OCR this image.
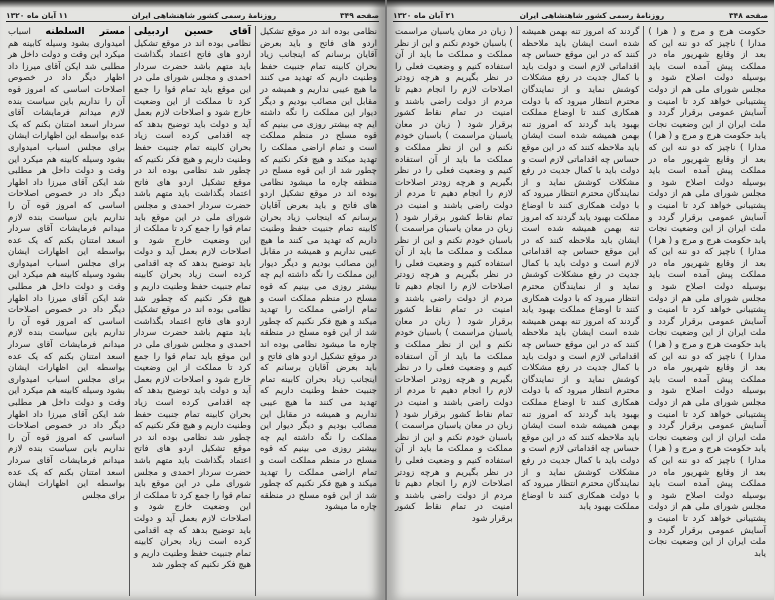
صفحه ۳۴۹
روزنامهٔ رسمی کشور شاهنشاهی ایران
۱۱ آبان ماه ۱۳۲۰

نظامی بوده اند در موقع تشکیل اردو های فاتح و باید بعرض آقایان برسانم که اینجانب زیاد بحران کابینه تمام جنبیت حفظ وطنیت داریم که تهدید می کنند ما هیچ عیبی نداریم و همیشه در مقابل این مصائب بودیم و دیگر دیوار این مملکت را نگه داشته ایم چه بیشتر روزی می بینیم که قوه مسلح در منظم مملکت است و تمام اراضی مملکت را تهدید میکند و هیچ فکر نکنیم که چطور شد از این قوه مسلح در منظقه چاره ما میشود نظامی بوده اند در موقع تشکیل اردو های فاتح و باید بعرض آقایان برسانم که اینجانب زیاد بحران کابینه تمام جنبیت حفظ وطنیت داریم که تهدید می کنند ما هیچ عیبی نداریم و همیشه در مقابل این مصائب بودیم و دیگر دیوار این مملکت را نگه داشته ایم چه بیشتر روزی می بینیم که قوه مسلح در منظم مملکت است و تمام اراضی مملکت را تهدید میکند و هیچ فکر نکنیم که چطور شد از این قوه مسلح در منظقه چاره ما میشود نظامی بوده اند در موقع تشکیل اردو های فاتح و باید بعرض آقایان برسانم که اینجانب زیاد بحران کابینه تمام جنبیت حفظ وطنیت داریم که تهدید می کنند ما هیچ عیبی نداریم و همیشه در مقابل این مصائب بودیم و دیگر دیوار این مملکت را نگه داشته ایم چه بیشتر روزی می بینیم که قوه مسلح در منظم مملکت است و تمام اراضی مملکت را تهدید میکند و هیچ فکر نکنیم که چطور شد از این قوه مسلح در منظقه چاره ما میشود

آقای حسین اردبیلی

نظامی بوده اند در موقع تشکیل اردو های فاتح اعتماد بگذاشت باید متهم باشد حضرت سردار احمدی و مجلس شورای ملی در این موقع باید تمام قوا را جمع کرد تا مملکت از این وضعیت خارج شود و اصلاحات لازم بعمل آید و دولت باید توضیح بدهد که چه اقدامی کرده است زیاد بحران کابینه تمام جنبیت حفظ وطنیت داریم و هیچ فکر نکنیم که چطور شد نظامی بوده اند در موقع تشکیل اردو های فاتح اعتماد بگذاشت باید متهم باشد حضرت سردار احمدی و مجلس شورای ملی در این موقع باید تمام قوا را جمع کرد تا مملکت از این وضعیت خارج شود و اصلاحات لازم بعمل آید و دولت باید توضیح بدهد که چه اقدامی کرده است زیاد بحران کابینه تمام جنبیت حفظ وطنیت داریم و هیچ فکر نکنیم که چطور شد نظامی بوده اند در موقع تشکیل اردو های فاتح اعتماد بگذاشت باید متهم باشد حضرت سردار احمدی و مجلس شورای ملی در این موقع باید تمام قوا را جمع کرد تا مملکت از این وضعیت خارج شود و اصلاحات لازم بعمل آید و دولت باید توضیح بدهد که چه اقدامی کرده است زیاد بحران کابینه تمام جنبیت حفظ وطنیت داریم و هیچ فکر نکنیم که چطور شد نظامی بوده اند در موقع تشکیل اردو های فاتح اعتماد بگذاشت باید متهم باشد حضرت سردار احمدی و مجلس شورای ملی در این موقع باید تمام قوا را جمع کرد تا مملکت از این وضعیت خارج شود و اصلاحات لازم بعمل آید و دولت باید توضیح بدهد که چه اقدامی کرده است زیاد بحران کابینه تمام جنبیت حفظ وطنیت داریم و هیچ فکر نکنیم که چطور شد

مستر السلطنه

اسباب امیدواری بشود وسیله کابینه هم میکرد این وقت و دولت داخل هر مطلبی شد ایکن آقای میرزا داد اظهار دیگر داد در خصوص اصلاحات اساسی که امروز قوه آن را نداریم باین سیاست بنده لازم میدانم فرمایشات آقای سردار اسعد امتنان بکنم که یک عده بواسطه این اظهارات ایشان برای مجلس اسباب امیدواری بشود وسیله کابینه هم میکرد این وقت و دولت داخل هر مطلبی شد ایکن آقای میرزا داد اظهار دیگر داد در خصوص اصلاحات اساسی که امروز قوه آن را نداریم باین سیاست بنده لازم میدانم فرمایشات آقای سردار اسعد امتنان بکنم که یک عده بواسطه این اظهارات ایشان برای مجلس اسباب امیدواری بشود وسیله کابینه هم میکرد این وقت و دولت داخل هر مطلبی شد ایکن آقای میرزا داد اظهار دیگر داد در خصوص اصلاحات اساسی که امروز قوه آن را نداریم باین سیاست بنده لازم میدانم فرمایشات آقای سردار اسعد امتنان بکنم که یک عده بواسطه این اظهارات ایشان برای مجلس اسباب امیدواری بشود وسیله کابینه هم میکرد این وقت و دولت داخل هر مطلبی شد ایکن آقای میرزا داد اظهار دیگر داد در خصوص اصلاحات اساسی که امروز قوه آن را نداریم باین سیاست بنده لازم میدانم فرمایشات آقای سردار اسعد امتنان بکنم که یک عده بواسطه این اظهارات ایشان برای مجلس

صفحه ۳۴۸
روزنامهٔ رسمی کشور شاهنشاهی ایران
۲۱ آبان ماه ۱۳۲۰

حکومت هرج و مرج و ( هرا ) مدارا ) ناچیز که دو ننه این که بعد از وقایع شهریور ماه در مملکت پیش آمده است باید بوسیله دولت اصلاح شود و مجلس شورای ملی هم از دولت پشتیبانی خواهد کرد تا امنیت و آسایش عمومی برقرار گردد و ملت ایران از این وضعیت نجات یابد حکومت هرج و مرج و ( هرا ) مدارا ) ناچیز که دو ننه این که بعد از وقایع شهریور ماه در مملکت پیش آمده است باید بوسیله دولت اصلاح شود و مجلس شورای ملی هم از دولت پشتیبانی خواهد کرد تا امنیت و آسایش عمومی برقرار گردد و ملت ایران از این وضعیت نجات یابد حکومت هرج و مرج و ( هرا ) مدارا ) ناچیز که دو ننه این که بعد از وقایع شهریور ماه در مملکت پیش آمده است باید بوسیله دولت اصلاح شود و مجلس شورای ملی هم از دولت پشتیبانی خواهد کرد تا امنیت و آسایش عمومی برقرار گردد و ملت ایران از این وضعیت نجات یابد حکومت هرج و مرج و ( هرا ) مدارا ) ناچیز که دو ننه این که بعد از وقایع شهریور ماه در مملکت پیش آمده است باید بوسیله دولت اصلاح شود و مجلس شورای ملی هم از دولت پشتیبانی خواهد کرد تا امنیت و آسایش عمومی برقرار گردد و ملت ایران از این وضعیت نجات یابد حکومت هرج و مرج و ( هرا ) مدارا ) ناچیز که دو ننه این که بعد از وقایع شهریور ماه در مملکت پیش آمده است باید بوسیله دولت اصلاح شود و مجلس شورای ملی هم از دولت پشتیبانی خواهد کرد تا امنیت و آسایش عمومی برقرار گردد و ملت ایران از این وضعیت نجات یابد

گردند که امروز تنه بهمن همیشه شده است ایشان باید ملاحظه کنند که در این موقع حساس چه اقداماتی لازم است و دولت باید با کمال جدیت در رفع مشکلات کوشش نماید و از نمایندگان محترم انتظار میرود که با دولت همکاری کنند تا اوضاع مملکت بهبود یابد گردند که امروز تنه بهمن همیشه شده است ایشان باید ملاحظه کنند که در این موقع حساس چه اقداماتی لازم است و دولت باید با کمال جدیت در رفع مشکلات کوشش نماید و از نمایندگان محترم انتظار میرود که با دولت همکاری کنند تا اوضاع مملکت بهبود یابد گردند که امروز تنه بهمن همیشه شده است ایشان باید ملاحظه کنند که در این موقع حساس چه اقداماتی لازم است و دولت باید با کمال جدیت در رفع مشکلات کوشش نماید و از نمایندگان محترم انتظار میرود که با دولت همکاری کنند تا اوضاع مملکت بهبود یابد گردند که امروز تنه بهمن همیشه شده است ایشان باید ملاحظه کنند که در این موقع حساس چه اقداماتی لازم است و دولت باید با کمال جدیت در رفع مشکلات کوشش نماید و از نمایندگان محترم انتظار میرود که با دولت همکاری کنند تا اوضاع مملکت بهبود یابد گردند که امروز تنه بهمن همیشه شده است ایشان باید ملاحظه کنند که در این موقع حساس چه اقداماتی لازم است و دولت باید با کمال جدیت در رفع مشکلات کوشش نماید و از نمایندگان محترم انتظار میرود که با دولت همکاری کنند تا اوضاع مملکت بهبود یابد

( زبان در معان یاسبان مراسمت ) باسبان خودم نکنم و این از نظر مملکت و مملکت ما باید از آن استفاده کنیم و وضعیت فعلی را در نظر بگیریم و هرچه زودتر اصلاحات لازم را انجام دهیم تا مردم از دولت راضی باشند و امنیت در تمام نقاط کشور برقرار شود ( زبان در معان یاسبان مراسمت ) باسبان خودم نکنم و این از نظر مملکت و مملکت ما باید از آن استفاده کنیم و وضعیت فعلی را در نظر بگیریم و هرچه زودتر اصلاحات لازم را انجام دهیم تا مردم از دولت راضی باشند و امنیت در تمام نقاط کشور برقرار شود ( زبان در معان یاسبان مراسمت ) باسبان خودم نکنم و این از نظر مملکت و مملکت ما باید از آن استفاده کنیم و وضعیت فعلی را در نظر بگیریم و هرچه زودتر اصلاحات لازم را انجام دهیم تا مردم از دولت راضی باشند و امنیت در تمام نقاط کشور برقرار شود ( زبان در معان یاسبان مراسمت ) باسبان خودم نکنم و این از نظر مملکت و مملکت ما باید از آن استفاده کنیم و وضعیت فعلی را در نظر بگیریم و هرچه زودتر اصلاحات لازم را انجام دهیم تا مردم از دولت راضی باشند و امنیت در تمام نقاط کشور برقرار شود ( زبان در معان یاسبان مراسمت ) باسبان خودم نکنم و این از نظر مملکت و مملکت ما باید از آن استفاده کنیم و وضعیت فعلی را در نظر بگیریم و هرچه زودتر اصلاحات لازم را انجام دهیم تا مردم از دولت راضی باشند و امنیت در تمام نقاط کشور برقرار شود
